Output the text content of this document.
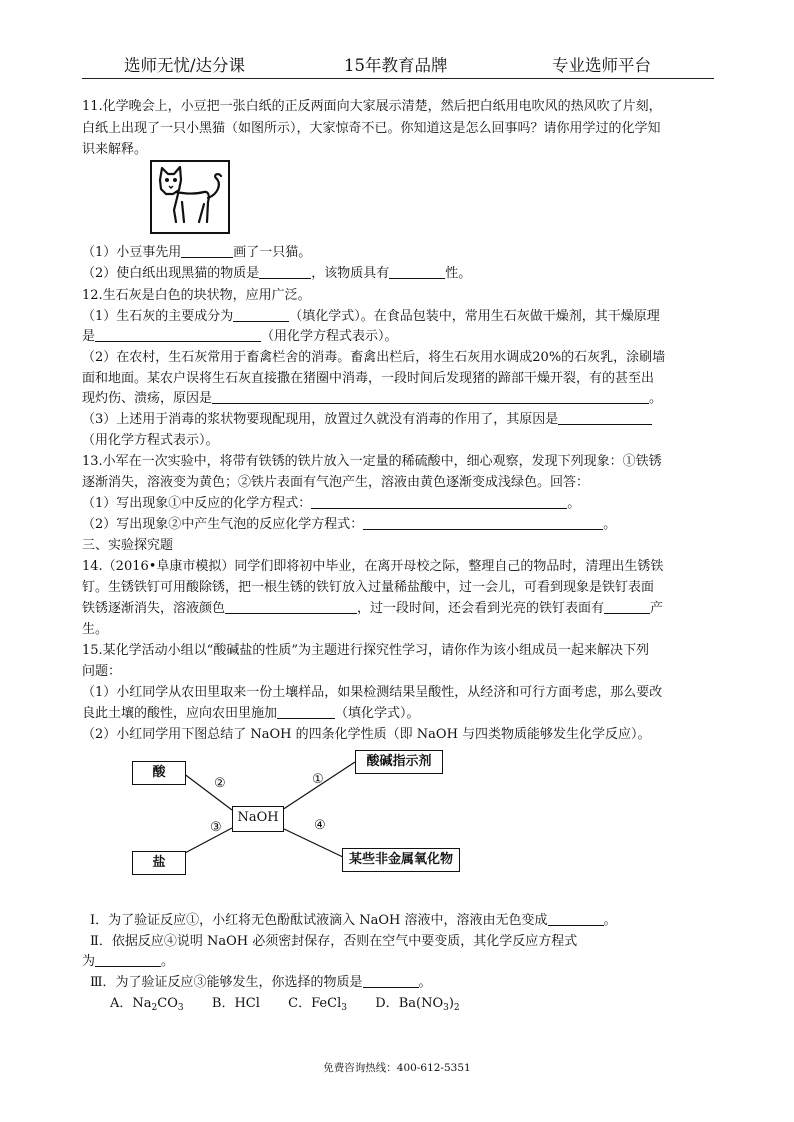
选师无忧/达分课	15年教育品牌	专业选师平台
11.化学晚会上，小豆把一张白纸的正反两面向大家展示清楚，然后把白纸用电吹风的热风吹了片刻，
白纸上出现了一只小黑猫（如图所示），大家惊奇不已。你知道这是怎么回事吗？请你用学过的化学知
识来解释。
（1）小豆事先用	画了一只猫。
（2）使白纸出现黑猫的物质是	，该物质具有	性。
12.生石灰是白色的块状物，应用广泛。
（1）生石灰的主要成分为	（填化学式）。在食品包装中，常用生石灰做干燥剂，其干燥原理
是	（用化学方程式表示）。
（2）在农村，生石灰常用于畜禽栏舍的消毒。畜禽出栏后，将生石灰用水调成20%的石灰乳，涂刷墙
面和地面。某农户误将生石灰直接撒在猪圈中消毒，一段时间后发现猪的蹄部干燥开裂，有的甚至出
现灼伤、溃疡，原因是	。
（3）上述用于消毒的浆状物要现配现用，放置过久就没有消毒的作用了，其原因是
（用化学方程式表示）。
13.小军在一次实验中，将带有铁锈的铁片放入一定量的稀硫酸中，细心观察，发现下列现象：①铁锈
逐渐消失，溶液变为黄色；②铁片表面有气泡产生，溶液由黄色逐渐变成浅绿色。回答：
（1）写出现象①中反应的化学方程式：	。
（2）写出现象②中产生气泡的反应化学方程式：	。
三、实验探究题
14.（2016•阜康市模拟）同学们即将初中毕业，在离开母校之际，整理自己的物品时，清理出生锈铁
钉。生锈铁钉可用酸除锈，把一根生锈的铁钉放入过量稀盐酸中，过一会儿，可看到现象是铁钉表面
铁锈逐渐消失，溶液颜色	，过一段时间，还会看到光亮的铁钉表面有	产
生。
15.某化学活动小组以“酸碱盐的性质”为主题进行探究性学习，请你作为该小组成员一起来解决下列
问题：
（1）小红同学从农田里取来一份土壤样品，如果检测结果呈酸性，从经济和可行方面考虑，那么要改
良此土壤的酸性，应向农田里施加	（填化学式）。
（2）小红同学用下图总结了 NaOH 的四条化学性质（即 NaOH 与四类物质能够发生化学反应）。
酸
酸碱指示剂
NaOH
盐	某些非金属氧化物
①
②
③	④
Ⅰ．为了验证反应①，小红将无色酚酞试液滴入 NaOH 溶液中，溶液由无色变成	。
Ⅱ．依据反应④说明 NaOH 必须密封保存，否则在空气中要变质，其化学反应方程式
为	。
Ⅲ．为了验证反应③能够发生，你选择的物质是	。
A．$Na_2CO_3$ B．HCl C．FeCl$_3$ D．$Ba(NO_3)_2$
免费咨询热线：400-612-5351
